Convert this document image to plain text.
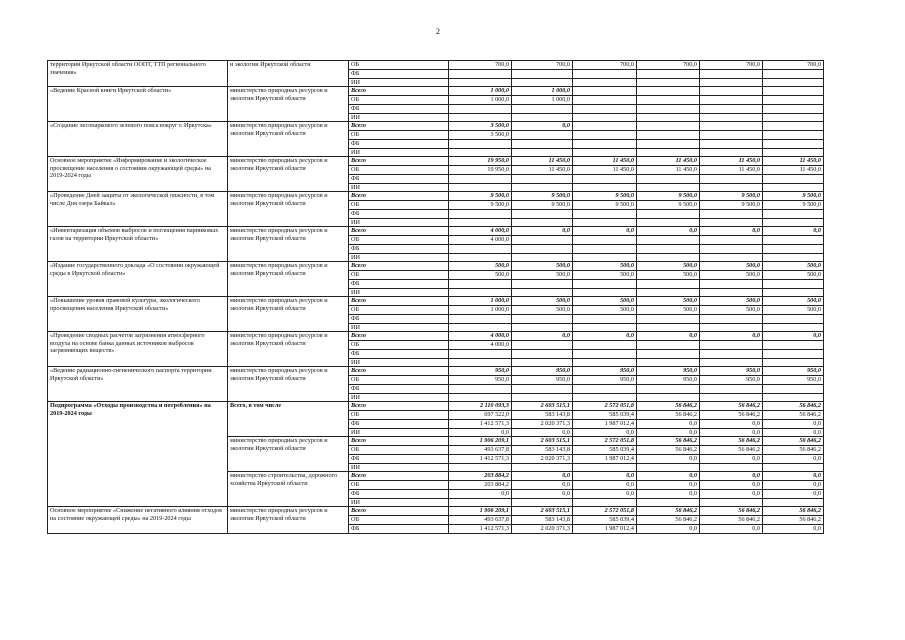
2
территории Иркутской области ООПТ, ТТП регионального значения»	и экологии Иркутской области	ОБ	700,0	700,0	700,0	700,0	700,0	700,0
		ФБ						
		ИИ						
«Ведение Красной книги Иркутской области»	министерство природных ресурсов и экологии Иркутской области	Всего	1 000,0	1 000,0				
		ОБ	1 000,0	1 000,0				
		ФБ						
		ИИ						
«Создание лесопаркового зеленого пояса вокруг г. Иркутска»	министерство природных ресурсов и экологии Иркутской области	Всего	3 500,0	0,0				
		ОБ	3 500,0					
		ФБ						
		ИИ						
Основное мероприятие «Информирование и экологическое просвещение населения о состоянии окружающей среды» на 2019-2024 годы	министерство природных ресурсов и экологии Иркутской области	Всего	19 950,0	11 450,0	11 450,0	11 450,0	11 450,0	11 450,0
		ОБ	19 950,0	11 450,0	11 450,0	11 450,0	11 450,0	11 450,0
		ФБ						
		ИИ						
«Проведение Дней защиты от экологической опасности, в том числе Дня озера Байкал»	министерство природных ресурсов и экологии Иркутской области	Всего	9 500,0	9 500,0	9 500,0	9 500,0	9 500,0	9 500,0
		ОБ	9 500,0	9 500,0	9 500,0	9 500,0	9 500,0	9 500,0
		ФБ						
		ИИ						
«Инвентаризация объемов выбросов и поглощения парниковых газов на территории Иркутской области»	министерство природных ресурсов и экологии Иркутской области	Всего	4 000,0	0,0	0,0	0,0	0,0	0,0
		ОБ	4 000,0					
		ФБ						
		ИИ						
«Издание государственного доклада «О состоянии окружающей среды в Иркутской области»	министерство природных ресурсов и экологии Иркутской области	Всего	500,0	500,0	500,0	500,0	500,0	500,0
		ОБ	500,0	500,0	500,0	500,0	500,0	500,0
		ФБ						
		ИИ						
«Повышение уровня правовой культуры, экологического просвещения населения Иркутской области»	министерство природных ресурсов и экологии Иркутской области	Всего	1 000,0	500,0	500,0	500,0	500,0	500,0
		ОБ	1 000,0	500,0	500,0	500,0	500,0	500,0
		ФБ						
		ИИ						
«Проведение сводных расчетов загрязнения атмосферного воздуха на основе банка данных источников выбросов загрязняющих веществ»	министерство природных ресурсов и экологии Иркутской области	Всего	4 000,0	0,0	0,0	0,0	0,0	0,0
		ОБ	4 000,0					
		ФБ						
		ИИ						
«Ведение радиационно-гигиенического паспорта территории Иркутской области»	министерство природных ресурсов и экологии Иркутской области	Всего	950,0	950,0	950,0	950,0	950,0	950,0
		ОБ	950,0	950,0	950,0	950,0	950,0	950,0
		ФБ						
		ИИ						
Подпрограмма «Отходы производства и потребления» на 2019-2024 годы	Всего, в том числе	Всего	2 110 093,3	2 603 515,1	2 572 051,8	56 846,2	56 846,2	56 846,2
		ОБ	697 522,0	583 143,8	585 039,4	56 846,2	56 846,2	56 846,2
		ФБ	1 412 571,3	2 020 371,3	1 987 012,4	0,0	0,0	0,0
		ИИ	0,0	0,0	0,0	0,0	0,0	0,0
	министерство природных ресурсов и экологии Иркутской области	Всего	1 906 209,1	2 603 515,1	2 572 051,8	56 846,2	56 846,2	56 846,2
		ОБ	493 637,8	583 143,8	585 039,4	56 846,2	56 846,2	56 846,2
		ФБ	1 412 571,3	2 020 371,3	1 987 012,4	0,0	0,0	0,0
		ИИ						
	министерство строительства, дорожного хозяйства Иркутской области	Всего	203 884,2	0,0	0,0	0,0	0,0	0,0
		ОБ	203 884,2	0,0	0,0	0,0	0,0	0,0
		ФБ	0,0	0,0	0,0	0,0	0,0	0,0
		ИИ						
Основное мероприятие «Снижение негативного влияния отходов на состояние окружающей среды» на 2019-2024 годы	министерство природных ресурсов и экологии Иркутской области	Всего	1 906 209,1	2 603 515,1	2 572 051,8	56 846,2	56 846,2	56 846,2
		ОБ	493 637,8	583 143,8	585 039,4	56 846,2	56 846,2	56 846,2
		ФБ	1 412 571,3	2 020 371,3	1 987 012,4	0,0	0,0	0,0
